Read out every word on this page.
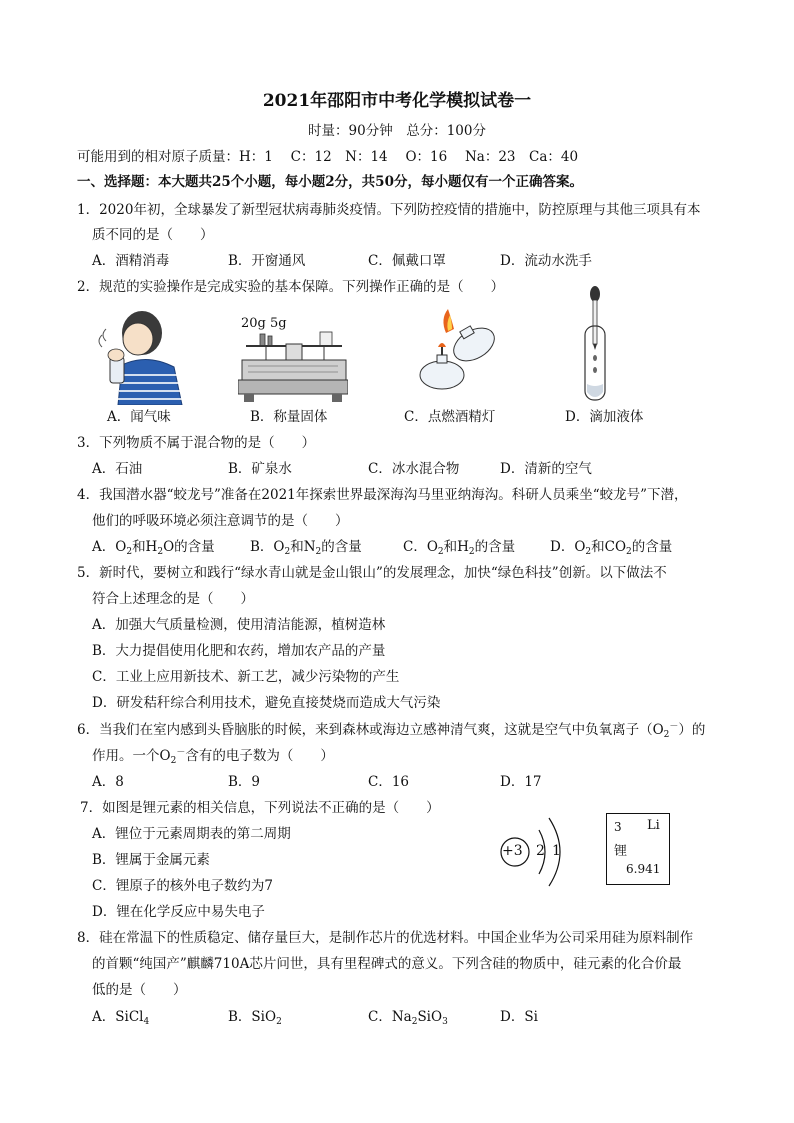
2021年邵阳市中考化学模拟试卷一
时量：90分钟　总分：100分
可能用到的相对原子质量：H：1　 C：12　N：14　 O：16　 Na：23　Ca：40
一、选择题：本大题共25个小题，每小题2分，共50分，每小题仅有一个正确答案。
1．2020年初，全球暴发了新型冠状病毒肺炎疫情。下列防控疫情的措施中，防控原理与其他三项具有本
质不同的是（　　）
A．酒精消毒	B．开窗通风	C．佩戴口罩	D．流动水洗手
2．规范的实验操作是完成实验的基本保障。下列操作正确的是（　　）
20g 5g
A．闻气味	B．称量固体	C．点燃酒精灯	D．滴加液体
3．下列物质不属于混合物的是（　　）
A．石油	B．矿泉水	C．冰水混合物	D．清新的空气
4．我国潜水器“蛟龙号”准备在2021年探索世界最深海沟马里亚纳海沟。科研人员乘坐“蛟龙号”下潜，
他们的呼吸环境必须注意调节的是（　　）
A．$O_2$和$H_2O$的含量	B．$O_2$和$N_2$的含量	C．$O_2$和$H_2$的含量	D．$O_2$和$CO_2$的含量
5．新时代，要树立和践行“绿水青山就是金山银山”的发展理念，加快“绿色科技”创新。以下做法不
符合上述理念的是（　　）
A．加强大气质量检测，使用清洁能源，植树造林
B．大力提倡使用化肥和农药，增加农产品的产量
C．工业上应用新技术、新工艺，减少污染物的产生
D．研发秸秆综合利用技术，避免直接焚烧而造成大气污染
6．当我们在室内感到头昏脑胀的时候，来到森林或海边立感神清气爽，这就是空气中负氧离子$(O_2^-)$的
作用。一个$O_2^-$含有的电子数为（　　）
A．8	B．9	C．16	D．17
7．如图是锂元素的相关信息，下列说法不正确的是（　　）
A．锂位于元素周期表的第二周期
B．锂属于金属元素
C．锂原子的核外电子数约为7
D．锂在化学反应中易失电子
+3 2 1
3 Li
锂
6.941
8．硅在常温下的性质稳定、储存量巨大，是制作芯片的优选材料。中国企业华为公司采用硅为原料制作
的首颗“纯国产”麒麟710A芯片问世，具有里程碑式的意义。下列含硅的物质中，硅元素的化合价最
低的是（　　）
A．SiCl$_4$	B．SiO$_2$	C．$Na_2SiO_3$	D．Si
